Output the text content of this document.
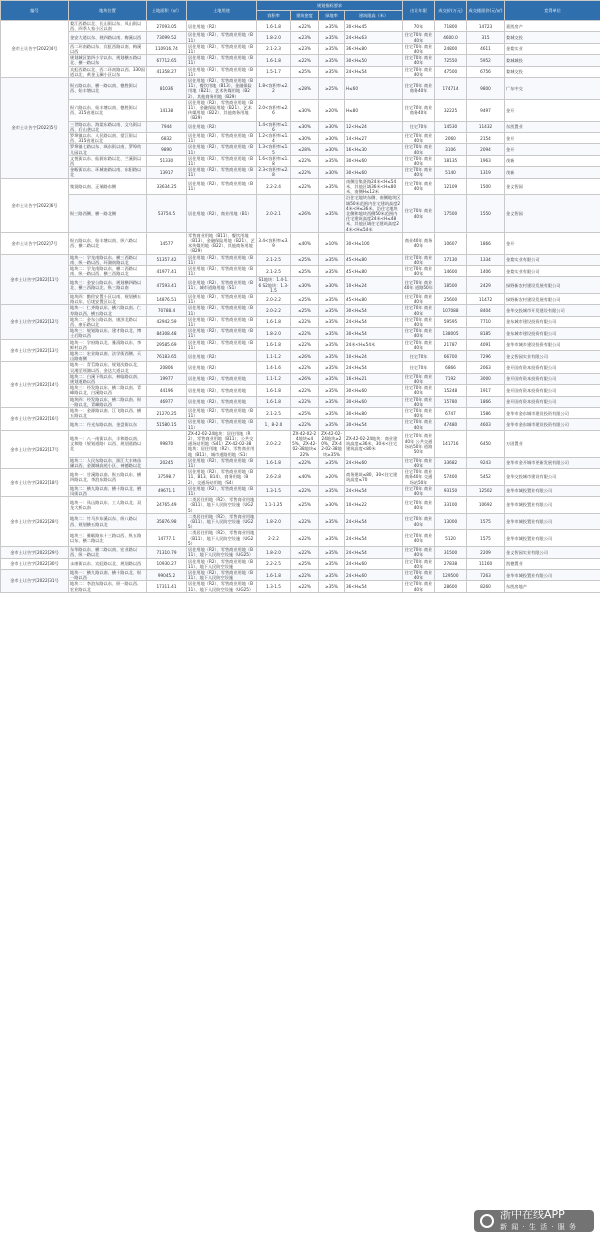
编号	地块位置	土地面积（㎡）	土地用途	规划指标要求				出让年限	成交价(万元)	成交楼面价(元/㎡)	竞得单位
				容积率	建筑密度	绿地率	建筑限高（米）				
金市土让告字[2022]4号	婺江西路以北、长山街以东、凤山街以西、四季人家小区以南	27093.05	居住用地（R2）	1.6-1.8	≤22%	≥35%	30<H≤45	70年	71800	14723	嘉凯房产
	金安大道以东、规四路以南、梅溪以西	73099.52	居住用地（R2）、零售商业用地（B11）	1.8-2.0	≤23%	≥35%	24<H≤63	住宅70年 商业40年	4600.0	315	婺城交投
	西二环南路以东、宾虹西路以南、梅溪以西	110916.74	居住用地（R2）、零售商业用地（B11）	2.1-2.3	≤23%	≥35%	36<H≤80	住宅70年 商业40年	24800	4611	金婺实业
	规划城区第四小学以东、规划横五路以北、横一路以东	67712.65	居住用地（R2）、零售商业用地（B11）	1.6-1.8	≤22%	≥35%	30<H≤50	住宅70年 商业40年	72550	5952	婺城城投
	宾虹西路以北、西二环南路以西、330国道以北、黄金玉澜小区以东	41358.27	居住用地（R2）、零售商业用地（B11）	1.5-1.7	≤25%	≥35%	24<H≤54	住宅70年 商业40年	47500	6756	婺城交投
金市土让告字[2022]5号	纵五路以东、横一路以南、德胜街以西、始丰塘以北	81036	居住用地（R2）、零售商业用地（B11）、餐饮用地（B13）、金融保险用地（B21）、艺术传媒用地（B22）、其他商务用地（B29）	1.8<容积率≤2.2	≤28%	≥25%	H≤60	住宅70年 商业商务40年	174714	9800	广东中交
	纵六路以东、始丰塘以南、德胜街以西、315省道以北	14138	居住用地（R2）、零售商业用地（B11）、金融保险用地（B21）、艺术传媒用地（B22）、其他商务用地（B29）	2.0<容积率≤2.6	≤30%	≥20%	H≤80	住宅70年 商业商务40年	32225	9497	金开
	三世路以东、海棠东路以南、文乌街以西、后山垄以北	7944	居住用地（R2）	1.4<容积率≤1.6	≤30%	≥30%	12<H≤24	住宅70年	14530	11432	东凯置业
	罗埠镇以东、人民路以南、望江街以西、315省道以北	6832	居住用地（R2）、零售商业用地（B11）	1.2<容积率≤1.4	≤30%	≥30%	14<H≤27	住宅70年 商业40年	2060	2154	金开
	罗埠镇七路以东、飒东街以南、罗埠幼儿园以北	9890	居住用地（R2）、零售商业用地（B11）	1.3<容积率≤1.5	≤28%	≥30%	16<H≤30	住宅70年 商业40年	3106	2094	金开
	文悦街以东、仙源东路以北、兰溪街以西	51330	居住用地（R2）、零售商业用地（B11）	1.6<容积率≤1.8	≤22%	≥35%	30<H≤60	住宅70年 商业40年	18135	1963	茂新
	金畈街以东、环城南路以南、东阳路以北	13917	居住用地（R2）、零售商业用地（B11）	2.3<容积率≤2.8	≤22%	≥30%	30<H≤60	住宅70年 商业40年	5140	1319	茂新
金市土让告字[2022]6号	集贤路以南、正瑞路东侧	33634.25	居住用地（R2）、零售商业用地（B11）	2.2-2.4	≤22%	≥35%	南侧沿集贤路24米<H≤54米，其他区域36米<H≤80米，南侧H≤12米	住宅70年 商业40年	12109	1500	金义智园
	纵三路西侧、横一路北侧	53754.5	居住用地（R2），商业用地（B1）	2.0-2.1	≤26%	≥35%	沿住宅地块东侧、南侧地块区域50米范围内住宅建筑高度24米<H≤36米，沿住宅地块北侧和地块西侧50米范围内住宅建筑高度24米<H≤48米，其他区域住宅建筑高度24米<H≤54米	住宅70年 商业40年	17500	1550	金义智园
金市土让告字[2022]7号	纵五路以东、始丰塘以南、纵六路以西、横二路以北	14577	零售商业用地（B11）、餐饮用地（B13）、金融保险用地（B21）、艺术传媒用地（B22）、其他商务用地（B29）	3.4<容积率≤3.9	≤40%	≥10%	30<H≤100	商业40年 商务40年	10607	1866	金开
金市土让告字[2022]11号	地块一：学龙南路以东、横三西路以南、纵一路以西、环湖南路以北	51357.42	居住用地（R2）、零售商业用地（B11）	2.1-2.5	≤25%	≥35%	45<H≤80	住宅70年 商业40年	17130	1334	金婺实业有限公司
	地块二：学龙南路以东、横二西路以南、纵一路以西、横三西路以北	41977.41	居住用地（R2）、零售商业用地（B11）	2.1-2.5	≤25%	≥35%	45<H≤80	住宅70年 商业40年	14600	1406	金婺实业有限公司
	地块三：金安公路以东、规划横四路以北、横三西路以北、纵三路以南	47593.41	居住用地（R2）、零售商业用地（B11）、城市道路用地（S1）	S1地块：1.4-1.6 S2地块：1.3-1.5	≤30%	≥30%	10<H≤24	住宅70年 商业40年 道路50年	18500	2429	绿野新农村建设发展有限公司
	地块四：勤俭安置小区以南、规划横五路以东、后垅安置区以北	14876.51	居住用地（R2）、零售商业用地（B11）	2.0-2.2	≤25%	≥35%	45<H≤80	住宅70年 商业40年	25600	11472	绿野新农村建设发展有限公司
金市土让告字[2022]12号	地块一：仁齐路以东、横六路以南、仁寿路以西、横五路以北	70788.4	居住用地（R2）、零售商业用地（B11）	2.0-2.2	≤25%	≥35%	30<H≤54	住宅70年 商业40年	107088	8404	金华交投城市开发建设有限公司
	地块二：金东公路以南、康济北路以西、康乐路以北	42942.59	居住用地（R2）、零售商业用地（B11）	1.6-1.8	≤22%	≥35%	24<H≤54	住宅70年 商业40年	59595	7710	金东城市建设投资有限公司
	地块三：规划路以东、建才路以北、博士后路以西	84308.48	居住用地（R2）、零售商业用地（B11）	1.8-2.0	≤22%	≥35%	30<H≤54	住宅70年 商业40年	138005	8185	金东城市建设投资有限公司
金市土让告字[2022]13号	地块一：学府路以北、雅清路以东、李鲜村以西	29585.69	居住用地（R2）、零售商业用地（B11）	1.6-1.8	≤22%	≥35%	24米<H≤54米	住宅70年 商业40年	21787	4091	金华市城乡建设投资有限公司
	地块二：宏业路以南、法学街西侧、天山路南侧	76183.65	居住用地（R2）	1.1-1.2	≤26%	≥35%	10<H≤24	住宅70年	66700	7296	金义智园实业有限公司
金市土让告字[2022]14号	地块一：青苕路以东、规划次路以北、吴湘至瑶湖以西、金达大道以北	20806	居住用地（R2）	1.4-1.6	≤22%	≥35%	24<H≤54	住宅70年	6866	2063	金开国有资本投资有限公司
	地块二：白溪下线以东、林临路以南、规划道路以西	19977	居住用地（R2）、零售商业用地	1.1-1.2	≤26%	≥35%	16<H≤21	住宅70年 商业40年	7192	3000	金开国有资本投资有限公司
	地块三：经发路以东、横二路以南、青峰路以北、白溪路以西	44196	居住用地（R2）、零售商业用地	1.6-1.8	≤22%	≥35%	30<H≤60	住宅70年 商业40年	15248	1917	金开国有资本投资有限公司
	地块四：经发路以东、横二路以南、纵一路以北、青峰路以西	46977	居住用地（R2）、零售商业用地	1.6-1.8	≤22%	≥35%	30<H≤60	住宅70年 商业40年	15780	1866	金开国有资本投资有限公司
金市土让告字[2022]16号	地块一：金源路以南、江飞路以西、横五路以北	21270.25	居住用地（R2）、零售商业用地（B11）	2.1-2.5	≤25%	≥35%	30<H≤80	住宅70年 商业40年	6747	1586	金华市金东城市建设投资有限公司
	地块二：丹光东路以南、金盘街以东	51580.15	居住用地（R2）、零售商业用地（B11）	1、8-2.0	≤22%	≥35%	30<H≤54	住宅70年 商业40年	47480	4603	金华市金东城市建设投资有限公司
金市土让告字[2022]17号	地块一：八一南街以东、丰和路以南、文和路（规划道路）以西、规划道路以北	99870	ZX-42-02-24地块：居住用地（R2）、零售商业用地（B11）、公共交通场站用地（S41）ZX-42-02-38地块：居住用地（R2）、零售商业用地（B11）、城市道路用地（S1）	2.0-2.2	ZX-42-02-24地块≤45%，ZX-42-02-38地块≤22%	ZX-42-02-24地块≥20%，ZX-42-02-38地块≥35%	ZX-42-02-24地块：商业建筑高度≤36米，30米<住宅建筑高度<80米	住宅70年 商业40年 公共交通场站50年 道路50年	141716	6450	万固置业
	地块二：人民东路以东、浙江大丰林苗圃以西、金湖城高苑小区、神德路以北	20245	居住用地（R2）、零售商业用地（B11）	1.6-1.8	≤22%	≥35%	24<H≤60	住宅70年 商业40年	33682	9243	金华市金开城市更新发展有限公司
金市土让告字[2022]18号	地块一：甘溪路以南、纵五路以东、横四路以北、李浪东路以西	37598.7	居住用地（R2）、零售商业用地（B11、B13、B14），商务用地（B2），交通场站用地（S4）	2.6-2.8	≤40%	≥20%	商务建筑≤80，30<住宅建筑高度≤70	住宅70年 商业商务40年 交通场站50年	57400	5452	金华交投城市建设有限公司
	地块二：横九路以南、横十路以北、栖凤街以西	49671.1	居住用地（R2）、零售商业用地（B11）	1.3-1.5	≤22%	≥35%	24<H≤54	住宅70年 商业40年	93150	12502	金华市城投置业有限公司
金市土让告字[2022]28号	地块一：凤山路以东、工人路以北、双龙大桥以南	24765.49	二类居住用地（R2）、零售商业用地（B11）、地下人民防空设施（UG25）	1.1-1.25	≤25%	≥30%	10<H≤22	住宅70年 商业40年	33100	10692	金华市城投置业有限公司
	地块二：竹马乡东溪以东、纵八路以西、规划横五路以北	35876.98	二类居住用地（R2）、零售商业用地（B11）、地下人民防空设施（UG25）	1.8-2.0	≤22%	≥35%	24<H≤54	住宅70年 商业40年	13000	1575	金华市城投置业有限公司
	地块三：雅畈路东十三路以西、纵五路以东、横二路以北	14777.1	二类居住用地（R2）、零售商业用地（B11）、地下人民防空设施（UG25）	2-2.2	≤22%	≥35%	24<H≤54	住宅70年 商业40年	5120	1575	金华市城投置业有限公司
金市土让告字[2022]29号	东华路以东、横二路以南、宏业路以西、纵一路以北	71310.79	居住用地（R2）、零售商业用地（B11）、地下人民防空设施（UG25）	1.8-2.0	≤22%	≥35%	24<H≤54	住宅70年 商业40年	31500	2209	金义智园实业有限公司
金市土让告字[2022]30号	永康街以东、宾虹路以北、规划路以西	10930.27	居住用地（R2）、零售商业用地（B11）、地下人民防空设施	2.2-2.5	≤25%	≥35%	24<H≤60	住宅70年 商业40年	27838	11160	凯德置业
金市土让告字[2022]31号	地块一：横九路以南、横十路以北、纵一路以西	99045.2	居住用地（R2）、零售商业用地（B11）、地下人民防空设施	1.6-1.8	≤22%	≥35%	24<H≤60	住宅70年 商业40年	129500	7263	金华市城投置业有限公司
	地块二：李浪东路以东、纵一路以西、宏业路以北	17311.41	居住用地（R2）、零售商业用地（B11）、地下人民防空设施（UG25）	1.3-1.5	≤22%	≥35%	36<H≤54	住宅70年 商业40年	28600	8260	东凯房地产
浙中在线APP
新 闻 · 生 活 · 服 务
